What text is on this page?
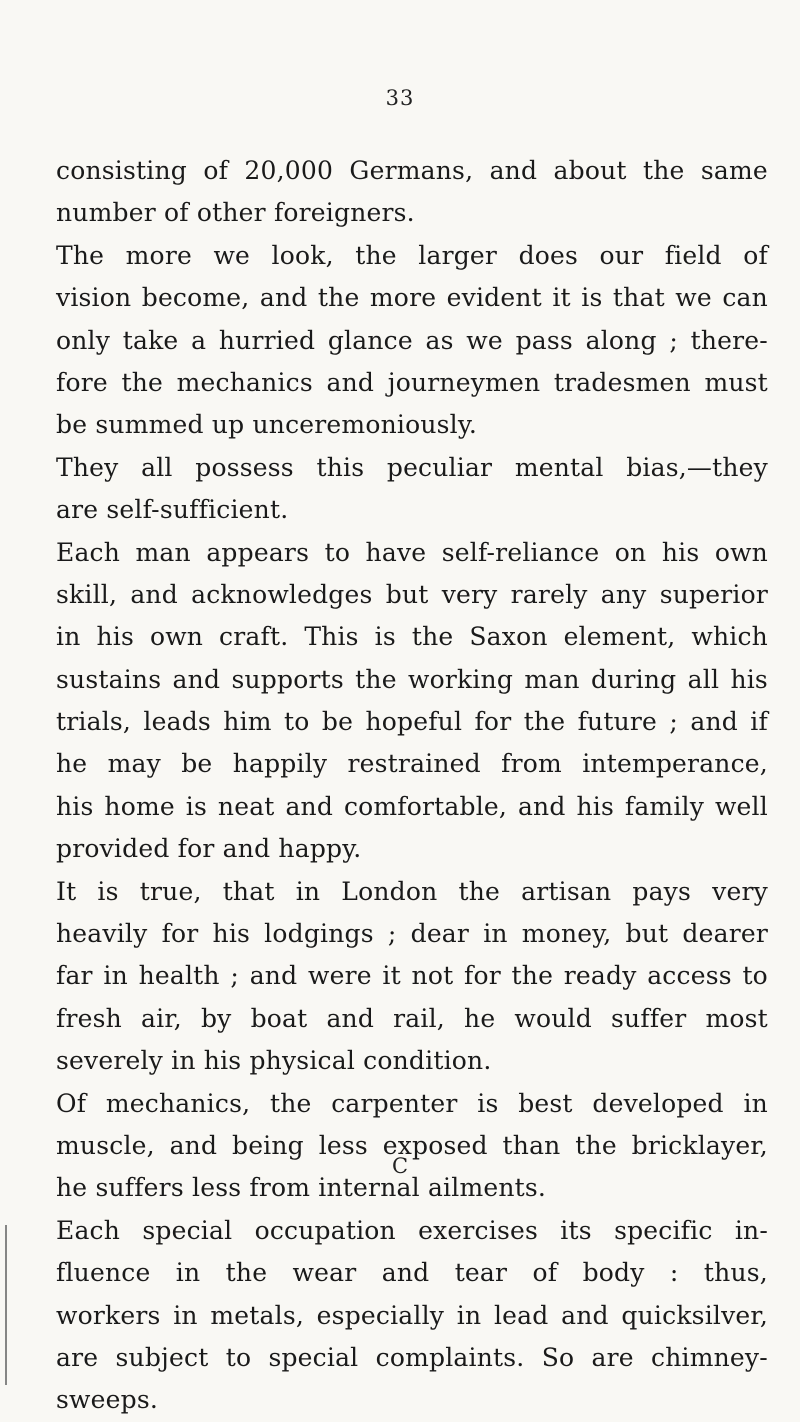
33
consisting of 20,000 Germans, and about the same
number of other foreigners.
The more we look, the larger does our field of
vision become, and the more evident it is that we can
only take a hurried glance as we pass along ; there-
fore the mechanics and journeymen tradesmen must
be summed up unceremoniously.
They all possess this peculiar mental bias,—they
are self-sufficient.
Each man appears to have self-reliance on his own
skill, and acknowledges but very rarely any superior
in his own craft. This is the Saxon element, which
sustains and supports the working man during all his
trials, leads him to be hopeful for the future ; and if
he may be happily restrained from intemperance,
his home is neat and comfortable, and his family well
provided for and happy.
It is true, that in London the artisan pays very
heavily for his lodgings ; dear in money, but dearer
far in health ; and were it not for the ready access to
fresh air, by boat and rail, he would suffer most
severely in his physical condition.
Of mechanics, the carpenter is best developed in
muscle, and being less exposed than the bricklayer,
he suffers less from internal ailments.
Each special occupation exercises its specific in-
fluence in the wear and tear of body : thus,
workers in metals, especially in lead and quicksilver,
are subject to special complaints. So are chimney-
sweeps.
C
